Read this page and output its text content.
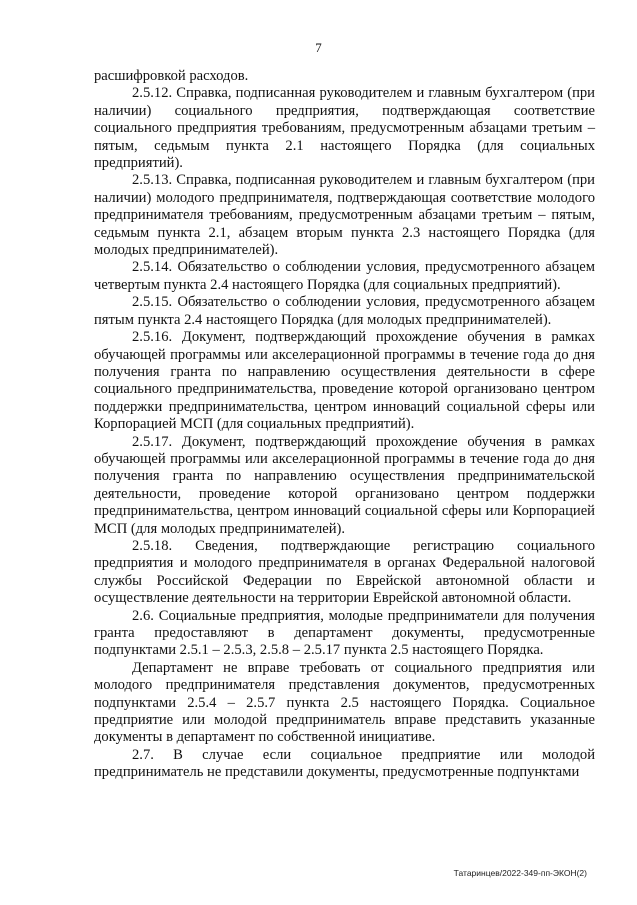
7

расшифровкой расходов.

2.5.12. Справка, подписанная руководителем и главным бухгалтером (при наличии) социального предприятия, подтверждающая соответствие социального предприятия требованиям, предусмотренным абзацами третьим – пятым, седьмым пункта 2.1 настоящего Порядка (для социальных предприятий).

2.5.13. Справка, подписанная руководителем и главным бухгалтером (при наличии) молодого предпринимателя, подтверждающая соответствие молодого предпринимателя требованиям, предусмотренным абзацами третьим – пятым, седьмым пункта 2.1, абзацем вторым пункта 2.3 настоящего Порядка (для молодых предпринимателей).

2.5.14. Обязательство о соблюдении условия, предусмотренного абзацем четвертым пункта 2.4 настоящего Порядка (для социальных предприятий).

2.5.15. Обязательство о соблюдении условия, предусмотренного абзацем пятым пункта 2.4 настоящего Порядка (для молодых предпринимателей).

2.5.16. Документ, подтверждающий прохождение обучения в рамках обучающей программы или акселерационной программы в течение года до дня получения гранта по направлению осуществления деятельности в сфере социального предпринимательства, проведение которой организовано центром поддержки предпринимательства, центром инноваций социальной сферы или Корпорацией МСП (для социальных предприятий).

2.5.17. Документ, подтверждающий прохождение обучения в рамках обучающей программы или акселерационной программы в течение года до дня получения гранта по направлению осуществления предпринимательской деятельности, проведение которой организовано центром поддержки предпринимательства, центром инноваций социальной сферы или Корпорацией МСП (для молодых предпринимателей).

2.5.18. Сведения, подтверждающие регистрацию социального предприятия и молодого предпринимателя в органах Федеральной налоговой службы Российской Федерации по Еврейской автономной области и осуществление деятельности на территории Еврейской автономной области.

2.6. Социальные предприятия, молодые предприниматели для получения гранта предоставляют в департамент документы, предусмотренные подпунктами 2.5.1 – 2.5.3, 2.5.8 – 2.5.17 пункта 2.5 настоящего Порядка.

Департамент не вправе требовать от социального предприятия или молодого предпринимателя представления документов, предусмотренных подпунктами 2.5.4 – 2.5.7 пункта 2.5 настоящего Порядка. Социальное предприятие или молодой предприниматель вправе представить указанные документы в департамент по собственной инициативе.

2.7. В случае если социальное предприятие или молодой предприниматель не представили документы, предусмотренные подпунктами

Татаринцев/2022-349-пп-ЭКОН(2)
